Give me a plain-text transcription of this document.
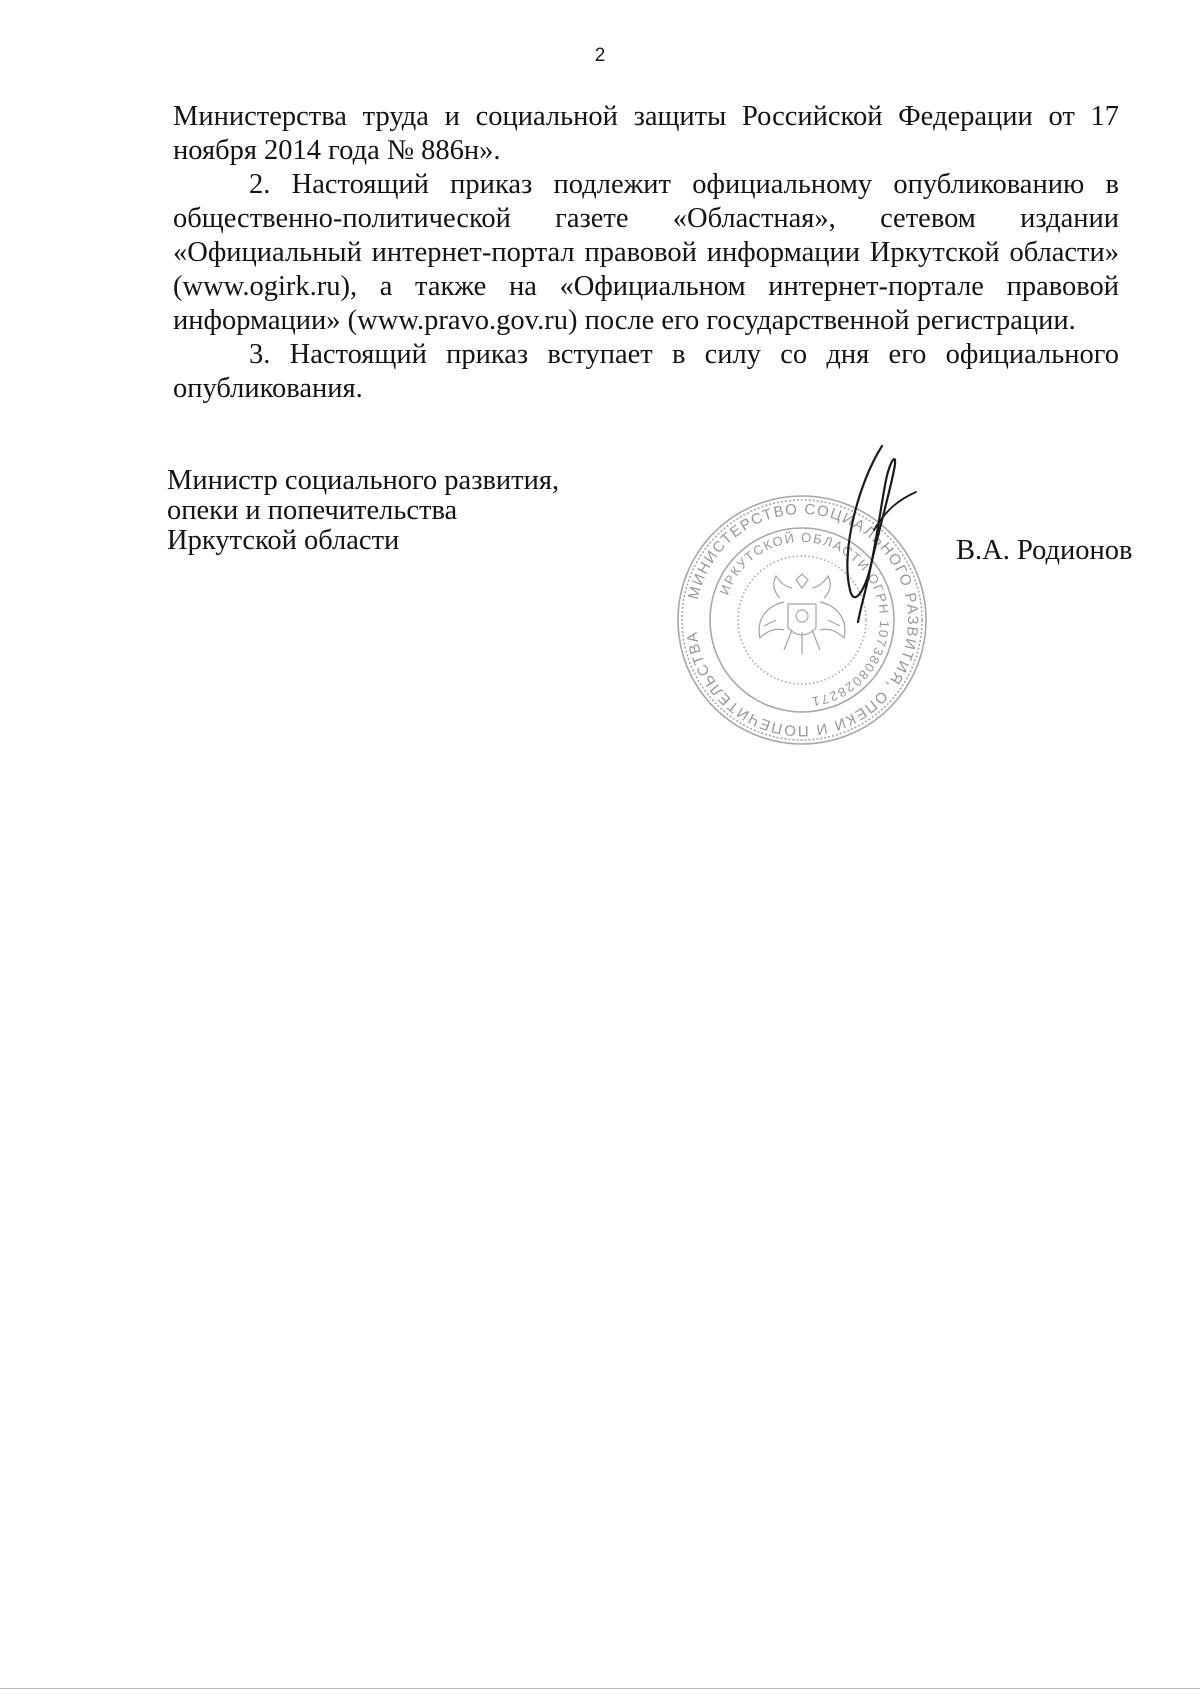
2

Министерства труда и социальной защиты Российской Федерации от 17 ноября 2014 года № 886н».

2. Настоящий приказ подлежит официальному опубликованию в общественно-политической газете «Областная», сетевом издании «Официальный интернет-портал правовой информации Иркутской области» (www.ogirk.ru), а также на «Официальном интернет-портале правовой информации» (www.pravo.gov.ru) после его государственной регистрации.

3. Настоящий приказ вступает в силу со дня его официального опубликования.

Министр социального развития,
опеки и попечительства
Иркутской области
МИНИСТЕРСТВО СОЦИАЛЬНОГО РАЗВИТИЯ, ОПЕКИ И ПОПЕЧИТЕЛЬСТВА
ИРКУТСКОЙ ОБЛАСТИ ОГРН 1073808028271
В.А. Родионов
